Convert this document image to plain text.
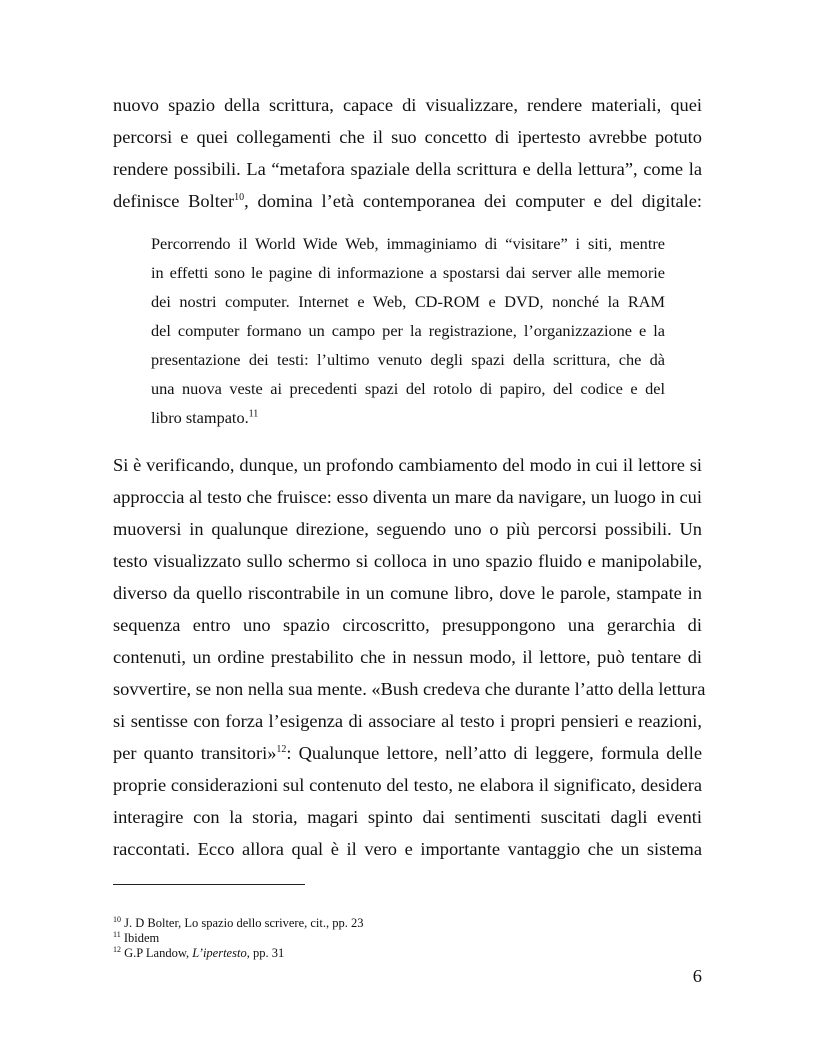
nuovo spazio della scrittura, capace di visualizzare, rendere materiali, quei
percorsi e quei collegamenti che il suo concetto di ipertesto avrebbe potuto
rendere possibili. La “metafora spaziale della scrittura e della lettura”, come la
definisce Bolter$^{10}$, domina l’età contemporanea dei computer e del digitale:
Percorrendo il World Wide Web, immaginiamo di “visitare” i siti, mentre
in effetti sono le pagine di informazione a spostarsi dai server alle memorie
dei nostri computer. Internet e Web, CD-ROM e DVD, nonché la RAM
del computer formano un campo per la registrazione, l’organizzazione e la
presentazione dei testi: l’ultimo venuto degli spazi della scrittura, che dà
una nuova veste ai precedenti spazi del rotolo di papiro, del codice e del
libro stampato.$^{11}$
Si è verificando, dunque, un profondo cambiamento del modo in cui il lettore si
approccia al testo che fruisce: esso diventa un mare da navigare, un luogo in cui
muoversi in qualunque direzione, seguendo uno o più percorsi possibili. Un
testo visualizzato sullo schermo si colloca in uno spazio fluido e manipolabile,
diverso da quello riscontrabile in un comune libro, dove le parole, stampate in
sequenza entro uno spazio circoscritto, presuppongono una gerarchia di
contenuti, un ordine prestabilito che in nessun modo, il lettore, può tentare di
sovvertire, se non nella sua mente. «Bush credeva che durante l’atto della lettura
si sentisse con forza l’esigenza di associare al testo i propri pensieri e reazioni,
per quanto transitori»$^{12}$: Qualunque lettore, nell’atto di leggere, formula delle
proprie considerazioni sul contenuto del testo, ne elabora il significato, desidera
interagire con la storia, magari spinto dai sentimenti suscitati dagli eventi
raccontati. Ecco allora qual è il vero e importante vantaggio che un sistema
$^{10}$ J. D Bolter, Lo spazio dello scrivere, cit., pp. 23
$^{11}$ Ibidem
$^{12}$ G.P Landow, L’ipertesto, pp. 31
6
